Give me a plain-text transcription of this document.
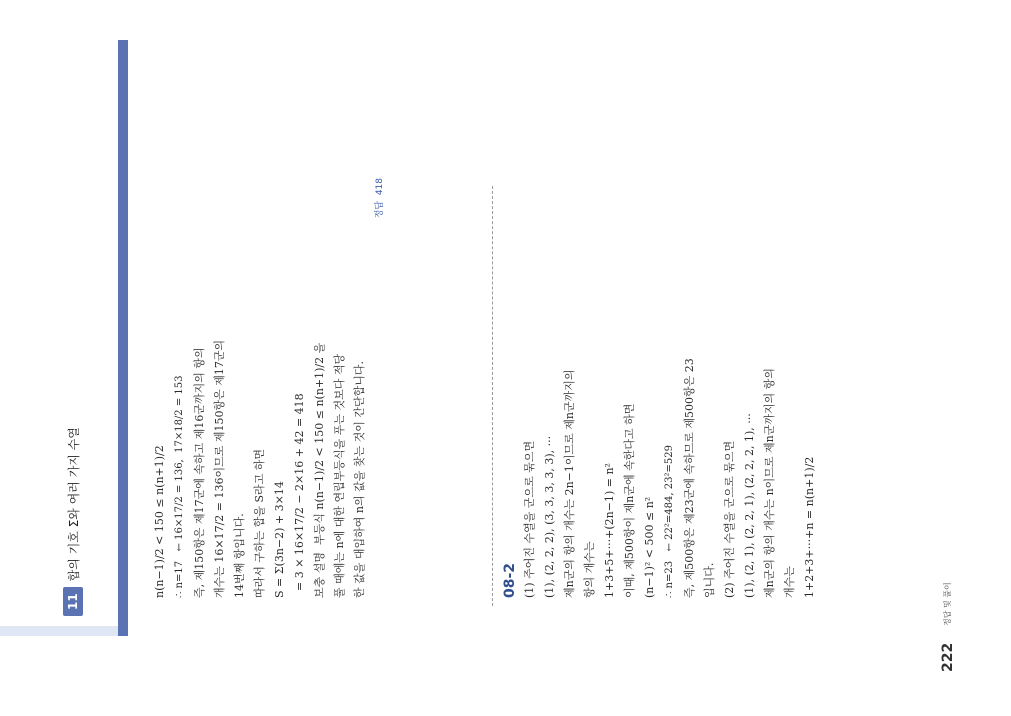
11
합의 기호 Σ와 여러 가지 수열	n(n−1)/2 < 150 ≤ n(n+1)/2 ∴ n=17   ← 16×17/2 = 136,  17×18/2 = 153 즉, 제150항은 제17군에 속하고 제16군까지의 항의 개수는 16×17/2 = 136이므로 제150항은 제17군의 14번째 항입니다. 따라서 구하는 합을 S라고 하면 S = Σ(3n−2) + 3×14 = 3 × 16×17/2 − 2×16 + 42 = 418 보충 설명  부등식 n(n−1)/2 < 150 ≤ n(n+1)/2 을 풀 때에는 n에 대한 연립부등식을 푸는 것보다 적당 한 값을 대입하여 n의 값을 찾는 것이 간단합니다.

정답  418

08-2 (1) 주어진 수열을 군으로 묶으면 (1), (2, 2, 2), (3, 3, 3, 3, 3), ··· 제n군의 항의 개수는 2n−1이므로 제n군까지의 항의 개수는 1+3+5+···+(2n−1) = n² 이때, 제500항이 제n군에 속한다고 하면 (n−1)² < 500 ≤ n² ∴ n=23   ← 22²=484, 23²=529 즉, 제500항은 제23군에 속하므로 제500항은 23 입니다. (2) 주어진 수열을 군으로 묶으면 (1), (2, 1), (2, 2, 1), (2, 2, 2, 1), ··· 제n군의 항의 개수는 n이므로 제n군까지의 항의 개수는 1+2+3+···+n = n(n+1)/2

222
정답 및 풀이
